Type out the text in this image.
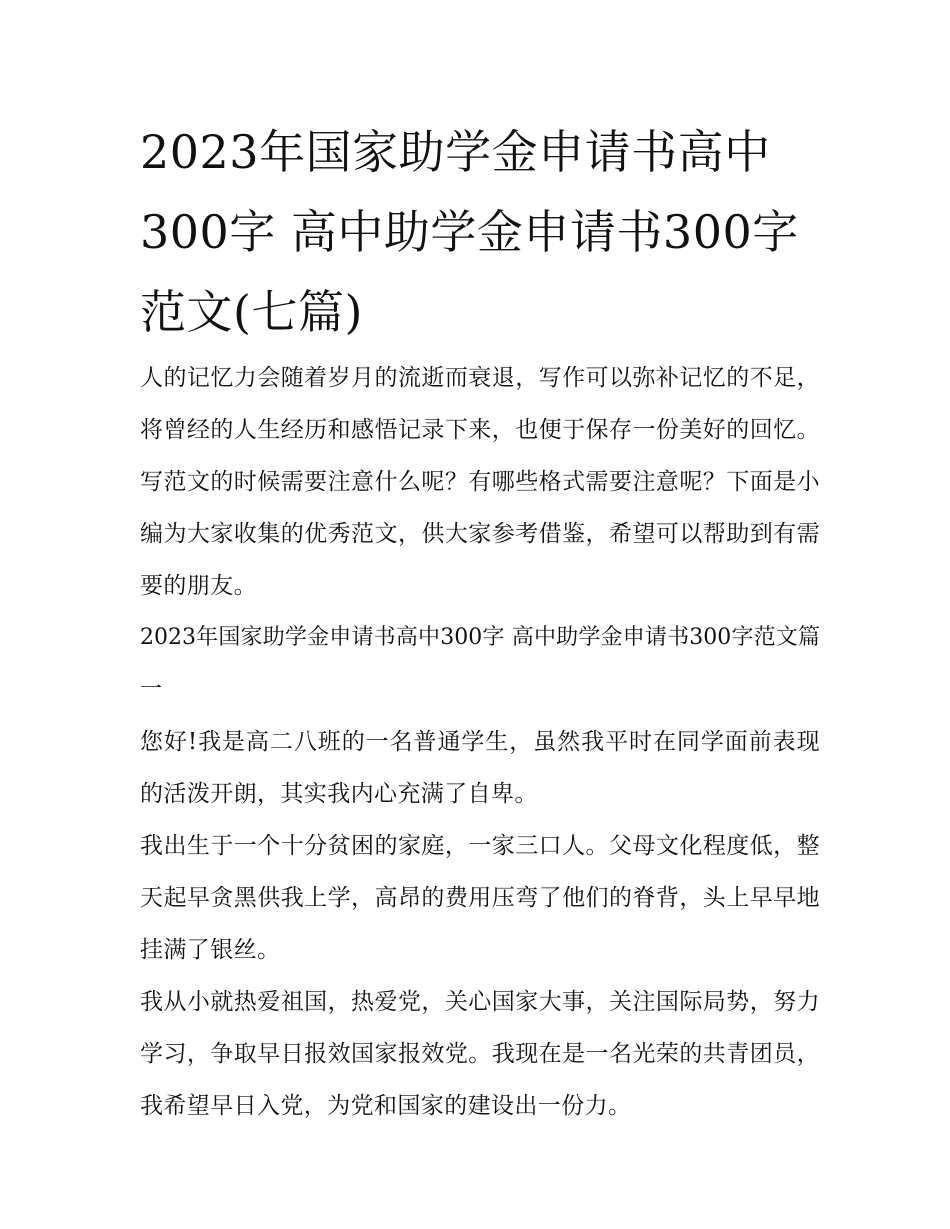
2023年国家助学金申请书高中300字 高中助学金申请书300字范文(七篇)

人的记忆力会随着岁月的流逝而衰退，写作可以弥补记忆的不足，将曾经的人生经历和感悟记录下来，也便于保存一份美好的回忆。写范文的时候需要注意什么呢？有哪些格式需要注意呢？下面是小编为大家收集的优秀范文，供大家参考借鉴，希望可以帮助到有需要的朋友。

2023年国家助学金申请书高中300字 高中助学金申请书300字范文篇一

您好!我是高二八班的一名普通学生，虽然我平时在同学面前表现的活泼开朗，其实我内心充满了自卑。

我出生于一个十分贫困的家庭，一家三口人。父母文化程度低，整天起早贪黑供我上学，高昂的费用压弯了他们的脊背，头上早早地挂满了银丝。

我从小就热爱祖国，热爱党，关心国家大事，关注国际局势，努力学习，争取早日报效国家报效党。我现在是一名光荣的共青团员，我希望早日入党，为党和国家的建设出一份力。
